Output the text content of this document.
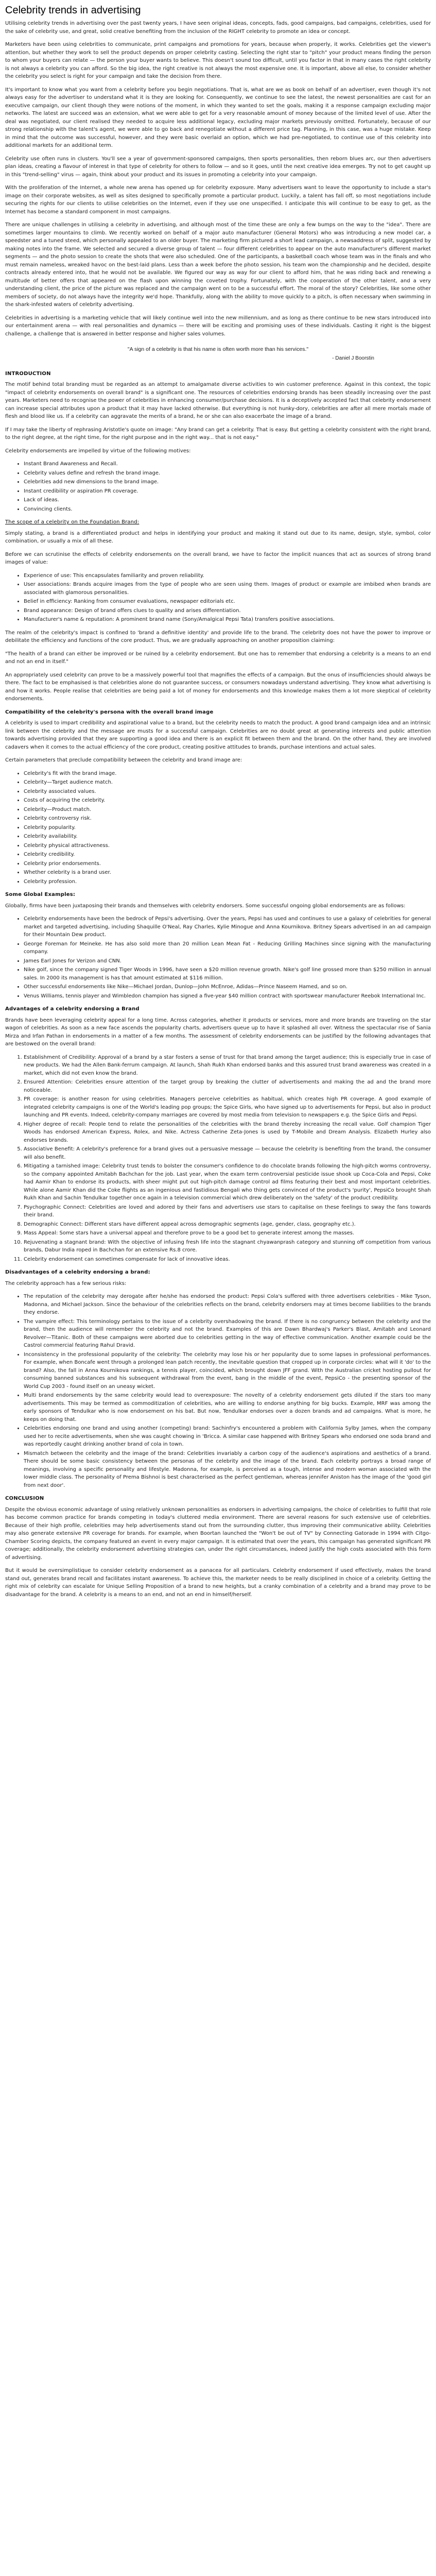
Celebrity trends in advertising

Utilising celebrity trends in advertising over the past twenty years, I have seen original ideas, concepts, fads, good campaigns, bad campaigns, celebrities, used for the sake of celebrity use, and great, solid creative benefiting from the inclusion of the RIGHT celebrity to promote an idea or concept.

Marketers have been using celebrities to communicate, print campaigns and promotions for years, because when properly, it works. Celebrities get the viewer's attention, but whether they work to sell the product depends on proper celebrity casting. Selecting the right star to "pitch" your product means finding the person to whom your buyers can relate — the person your buyer wants to believe. This doesn't sound too difficult, until you factor in that in many cases the right celebrity is not always a celebrity you can afford. So the big idea, the right creative is not always the most expensive one. It is important, above all else, to consider whether the celebrity you select is right for your campaign and take the decision from there.

It's important to know what you want from a celebrity before you begin negotiations. That is, what are we as book on behalf of an advertiser, even though it's not always easy for the advertiser to understand what it is they are looking for. Consequently, we continue to see the latest, the newest personalities are cast for an executive campaign, our client though they were notions of the moment, in which they wanted to set the goals, making it a response campaign excluding major networks. The latest are succeed was an extension, what we were able to get for a very reasonable amount of money because of the limited level of use. After the deal was negotiated, our client realised they needed to acquire less additional legacy, excluding major markets previously omitted. Fortunately, because of our strong relationship with the talent's agent, we were able to go back and renegotiate without a different price tag. Planning, in this case, was a huge mistake. Keep in mind that the outcome was successful, however, and they were basic overlaid an option, which we had pre-negotiated, to continue use of this celebrity into additional markets for an additional term.

Celebrity use often runs in clusters. You'll see a year of government-sponsored campaigns, then sports personalities, then reborn blues arc, our then advertisers plan ideas, creating a flavour of interest in that type of celebrity for others to follow — and so it goes, until the next creative idea emerges. Try not to get caught up in this "trend-selling" virus — again, think about your product and its issues in promoting a celebrity into your campaign.

With the proliferation of the Internet, a whole new arena has opened up for celebrity exposure. Many advertisers want to leave the opportunity to include a star's image on their corporate websites, as well as sites designed to specifically promote a particular product. Luckily, a talent has fall off, so most negotiations include securing the rights for our clients to utilise celebrities on the Internet, even if they use one unspecified. I anticipate this will continue to be easy to get, as the Internet has become a standard component in most campaigns.

There are unique challenges in utilising a celebrity in advertising, and although most of the time these are only a few bumps on the way to the "idea". There are sometimes larger mountains to climb. We recently worked on behalf of a major auto manufacturer (General Motors) who was introducing a new model car, a speedster and a tuned steed, which personally appealed to an older buyer. The marketing firm pictured a short lead campaign, a newsaddress of split, suggested by making notes into the frame. We selected and secured a diverse group of talent — four different celebrities to appear on the auto manufacturer's different market segments — and the photo session to create the shots that were also scheduled. One of the participants, a basketball coach whose team was in the finals and who must remain nameless, wreaked havoc on the best-laid plans. Less than a week before the photo session, his team won the championship and he decided, despite contracts already entered into, that he would not be available. We figured our way as way for our client to afford him, that he was riding back and renewing a multitude of better offers that appeared on the flash upon winning the coveted trophy. Fortunately, with the cooperation of the other talent, and a very understanding client, the price of the picture was replaced and the campaign went on to be a successful effort. The moral of the story? Celebrities, like some other members of society, do not always have the integrity we'd hope. Thankfully, along with the ability to move quickly to a pitch, is often necessary when swimming in the shark-infested waters of celebrity advertising.

Celebrities in advertising is a marketing vehicle that will likely continue well into the new millennium, and as long as there continue to be new stars introduced into our entertainment arena — with real personalities and dynamics — there will be exciting and promising uses of these individuals. Casting it right is the biggest challenge, a challenge that is answered in better response and higher sales volumes.

"A sign of a celebrity is that his name is often worth more than his services."
- Daniel J Boorstin
INTRODUCTION

The motif behind total branding must be regarded as an attempt to amalgamate diverse activities to win customer preference. Against in this context, the topic "impact of celebrity endorsements on overall brand" is a significant one. The resources of celebrities endorsing brands has been steadily increasing over the past years. Marketers need to recognise the power of celebrities in enhancing consumer/purchase decisions. It is a deceptively accepted fact that celebrity endorsement can increase special attributes upon a product that it may have lacked otherwise. But everything is not hunky-dory, celebrities are after all mere mortals made of flesh and blood like us. If a celebrity can aggravate the merits of a brand, he or she can also exacerbate the image of a brand.

If I may take the liberty of rephrasing Aristotle's quote on image: "Any brand can get a celebrity. That is easy. But getting a celebrity consistent with the right brand, to the right degree, at the right time, for the right purpose and in the right way... that is not easy."

Celebrity endorsements are impelled by virtue of the following motives:

• Instant Brand Awareness and Recall.
• Celebrity values define and refresh the brand image.
• Celebrities add new dimensions to the brand image.
• Instant credibility or aspiration PR coverage.
• Lack of ideas.
• Convincing clients.
The scope of a celebrity on the Foundation Brand:

Simply stating, a brand is a differentiated product and helps in identifying your product and making it stand out due to its name, design, style, symbol, color combination, or usually a mix of all these.

Before we can scrutinise the effects of celebrity endorsements on the overall brand, we have to factor the implicit nuances that act as sources of strong brand images of value:

• Experience of use: This encapsulates familiarity and proven reliability.
• User associations: Brands acquire images from the type of people who are seen using them. Images of product or example are imbibed when brands are associated with glamorous personalities.
• Belief in efficiency: Ranking from consumer evaluations, newspaper editorials etc.
• Brand appearance: Design of brand offers clues to quality and arises differentiation.
• Manufacturer's name & reputation: A prominent brand name (Sony/Amalgical Pepsi Tata) transfers positive associations.

The realm of the celebrity's impact is confined to 'brand a definitive identity' and provide life to the brand. The celebrity does not have the power to improve or debilitate the efficiency and functions of the core product. Thus, we are gradually approaching on another proposition claiming:

"The health of a brand can either be improved or be ruined by a celebrity endorsement. But one has to remember that endorsing a celebrity is a means to an end and not an end in itself."

An appropriately used celebrity can prove to be a massively powerful tool that magnifies the effects of a campaign. But the onus of insufficiencies should always be there. The fact to be emphasised is that celebrities alone do not guarantee success, or consumers nowadays understand advertising. They know what advertising is and how it works. People realise that celebrities are being paid a lot of money for endorsements and this knowledge makes them a lot more skeptical of celebrity endorsements.

Compatibility of the celebrity's persona with the overall brand image

A celebrity is used to impart credibility and aspirational value to a brand, but the celebrity needs to match the product. A good brand campaign idea and an intrinsic link between the celebrity and the message are musts for a successful campaign. Celebrities are no doubt great at generating interests and public attention towards advertising provided that they are supporting a good idea and there is an explicit fit between them and the brand. On the other hand, they are involved cadavers when it comes to the actual efficiency of the core product, creating positive attitudes to brands, purchase intentions and actual sales.

Certain parameters that preclude compatibility between the celebrity and brand image are:

• Celebrity's fit with the brand image.
• Celebrity—Target audience match.
• Celebrity associated values.
• Costs of acquiring the celebrity.
• Celebrity—Product match.
• Celebrity controversy risk.
• Celebrity popularity.
• Celebrity availability.
• Celebrity physical attractiveness.
• Celebrity credibility.
• Celebrity prior endorsements.
• Whether celebrity is a brand user.
• Celebrity profession.
Some Global Examples:

Globally, firms have been juxtaposing their brands and themselves with celebrity endorsers. Some successful ongoing global endorsements are as follows:

• Celebrity endorsements have been the bedrock of Pepsi's advertising. Over the years, Pepsi has used and continues to use a galaxy of celebrities for general market and targeted advertising, including Shaquille O'Neal, Ray Charles, Kylie Minogue and Anna Kournikova. Britney Spears advertised in an ad campaign for their Mountain Dew product.
• George Foreman for Meineke. He has also sold more than 20 million Lean Mean Fat - Reducing Grilling Machines since signing with the manufacturing company.
• James Earl Jones for Verizon and CNN.
• Nike golf, since the company signed Tiger Woods in 1996, have seen a $20 million revenue growth. Nike's golf line grossed more than $250 million in annual sales. In 2000 its management is has that amount estimated at $116 million.
• Other successful endorsements like Nike—Michael Jordan, Dunlop—John McEnroe, Adidas—Prince Naseem Hamed, and so on.
• Venus Williams, tennis player and Wimbledon champion has signed a five-year $40 million contract with sportswear manufacturer Reebok International Inc.
Advantages of a celebrity endorsing a Brand

Brands have been leveraging celebrity appeal for a long time. Across categories, whether it products or services, more and more brands are traveling on the star wagon of celebrities. As soon as a new face ascends the popularity charts, advertisers queue up to have it splashed all over. Witness the spectacular rise of Sania Mirza and Irfan Pathan in endorsements in a matter of a few months. The assessment of celebrity endorsements can be justified by the following advantages that are bestowed on the overall brand:

1. Establishment of Credibility: Approval of a brand by a star fosters a sense of trust for that brand among the target audience; this is especially true in case of new products. We had the Allen Bank-ferrum campaign. At launch, Shah Rukh Khan endorsed banks and this assured trust brand awareness was created in a market, which did not even know the brand.
2. Ensured Attention: Celebrities ensure attention of the target group by breaking the clutter of advertisements and making the ad and the brand more noticeable.
3. PR coverage: is another reason for using celebrities. Managers perceive celebrities as habitual, which creates high PR coverage. A good example of integrated celebrity campaigns is one of the World's leading pop groups; the Spice Girls, who have signed up to advertisements for Pepsi, but also in product launching and PR events. Indeed, celebrity-company marriages are covered by most media from television to newspapers e.g. the Spice Girls and Pepsi.
4. Higher degree of recall: People tend to relate the personalities of the celebrities with the brand thereby increasing the recall value. Golf champion Tiger Woods has endorsed American Express, Rolex, and Nike. Actress Catherine Zeta-Jones is used by T-Mobile and Dream Analysis. Elizabeth Hurley also endorses brands.
5. Associative Benefit: A celebrity's preference for a brand gives out a persuasive message — because the celebrity is benefiting from the brand, the consumer will also benefit.
6. Mitigating a tarnished image: Celebrity trust tends to bolster the consumer's confidence to do chocolate brands following the high-pitch worms controversy, so the company appointed Amitabh Bachchan for the job. Last year, when the exam term controversial pesticide issue shook up Coca-Cola and Pepsi, Coke had Aamir Khan to endorse its products, with sheer might put out high-pitch damage control ad films featuring their best and most important celebrities. While alone Aamir Khan did the Coke flights as an ingenious and fastidious Bengali who thing gets convinced of the product's 'purity', PepsiCo brought Shah Rukh Khan and Sachin Tendulkar together once again in a television commercial which drew deliberately on the 'safety' of the product credibility.
7. Psychographic Connect: Celebrities are loved and adored by their fans and advertisers use stars to capitalise on these feelings to sway the fans towards their brand.
8. Demographic Connect: Different stars have different appeal across demographic segments (age, gender, class, geography etc.).
9. Mass Appeal: Some stars have a universal appeal and therefore prove to be a good bet to generate interest among the masses.
10. Rejuvenating a stagnant brand: With the objective of infusing fresh life into the stagnant chyawanprash category and stunning off competition from various brands, Dabur India roped in Bachchan for an extensive Rs.8 crore.
11. Celebrity endorsement can sometimes compensate for lack of innovative ideas.
Disadvantages of a celebrity endorsing a brand:

The celebrity approach has a few serious risks:

• The reputation of the celebrity may derogate after he/she has endorsed the product: Pepsi Cola's suffered with three advertisers celebrities - Mike Tyson, Madonna, and Michael Jackson. Since the behaviour of the celebrities reflects on the brand, celebrity endorsers may at times become liabilities to the brands they endorse.
• The vampire effect: This terminology pertains to the issue of a celebrity overshadowing the brand. If there is no congruency between the celebrity and the brand, then the audience will remember the celebrity and not the brand. Examples of this are Dawn Bhardwaj's Parker's Blast, Amitabh and Leonard Revolver—Titanic. Both of these campaigns were aborted due to celebrities getting in the way of effective communication. Another example could be the Castrol commercial featuring Rahul Dravid.
• Inconsistency in the professional popularity of the celebrity: The celebrity may lose his or her popularity due to some lapses in professional performances. For example, when Boncafe went through a prolonged lean patch recently, the inevitable question that cropped up in corporate circles: what will it 'do' to the brand? Also, the fall in Anna Kournikova rankings, a tennis player, coincided, which brought down JFF grand. With the Australian cricket hosting pullout for consuming banned substances and his subsequent withdrawal from the event, bang in the middle of the event, PepsiCo - the presenting sponsor of the World Cup 2003 - found itself on an uneasy wicket.
• Multi brand endorsements by the same celebrity would lead to overexposure: The novelty of a celebrity endorsement gets diluted if the stars too many advertisements. This may be termed as commoditization of celebrities, who are willing to endorse anything for big bucks. Example, MRF was among the early sponsors of Tendulkar who is now endorsement on his bat. But now, Tendulkar endorses over a dozen brands and ad campaigns. What is more, he keeps on doing that.
• Celebrities endorsing one brand and using another (competing) brand: Sachinfry's encountered a problem with California Sylby James, when the company used her to recite advertisements, when she was caught chowing in 'Bricca. A similar case happened with Britney Spears who endorsed one soda brand and was reportedly caught drinking another brand of cola in town.
• Mismatch between the celebrity and the image of the brand: Celebrities invariably a carbon copy of the audience's aspirations and aesthetics of a brand. There should be some basic consistency between the personas of the celebrity and the image of the brand. Each celebrity portrays a broad range of meanings, involving a specific personality and lifestyle. Madonna, for example, is perceived as a tough, intense and modern woman associated with the lower middle class. The personality of Prema Bishnoi is best characterised as the perfect gentleman, whereas jennifer Aniston has the image of the 'good girl from next door'.
CONCLUSION

Despite the obvious economic advantage of using relatively unknown personalities as endorsers in advertising campaigns, the choice of celebrities to fulfill that role has become common practice for brands competing in today's cluttered media environment. There are several reasons for such extensive use of celebrities. Because of their high profile, celebrities may help advertisements stand out from the surrounding clutter, thus improving their communicative ability. Celebrities may also generate extensive PR coverage for brands. For example, when Boortan launched the "Won't be out of TV" by Connecting Gatorade in 1994 with Citgo-Chamber Scoring depicts, the company featured an event in every major campaign. It is estimated that over the years, this campaign has generated significant PR coverage; additionally, the celebrity endorsement advertising strategies can, under the right circumstances, indeed justify the high costs associated with this form of advertising.

But it would be oversimplistique to consider celebrity endorsement as a panacea for all particulars. Celebrity endorsement if used effectively, makes the brand stand out, generates brand recall and facilitates instant awareness. To achieve this, the marketer needs to be really disciplined in choice of a celebrity. Getting the right mix of celebrity can escalate for Unique Selling Proposition of a brand to new heights, but a cranky combination of a celebrity and a brand may prove to be disadvantage for the brand. A celebrity is a means to an end, and not an end in himself/herself.
